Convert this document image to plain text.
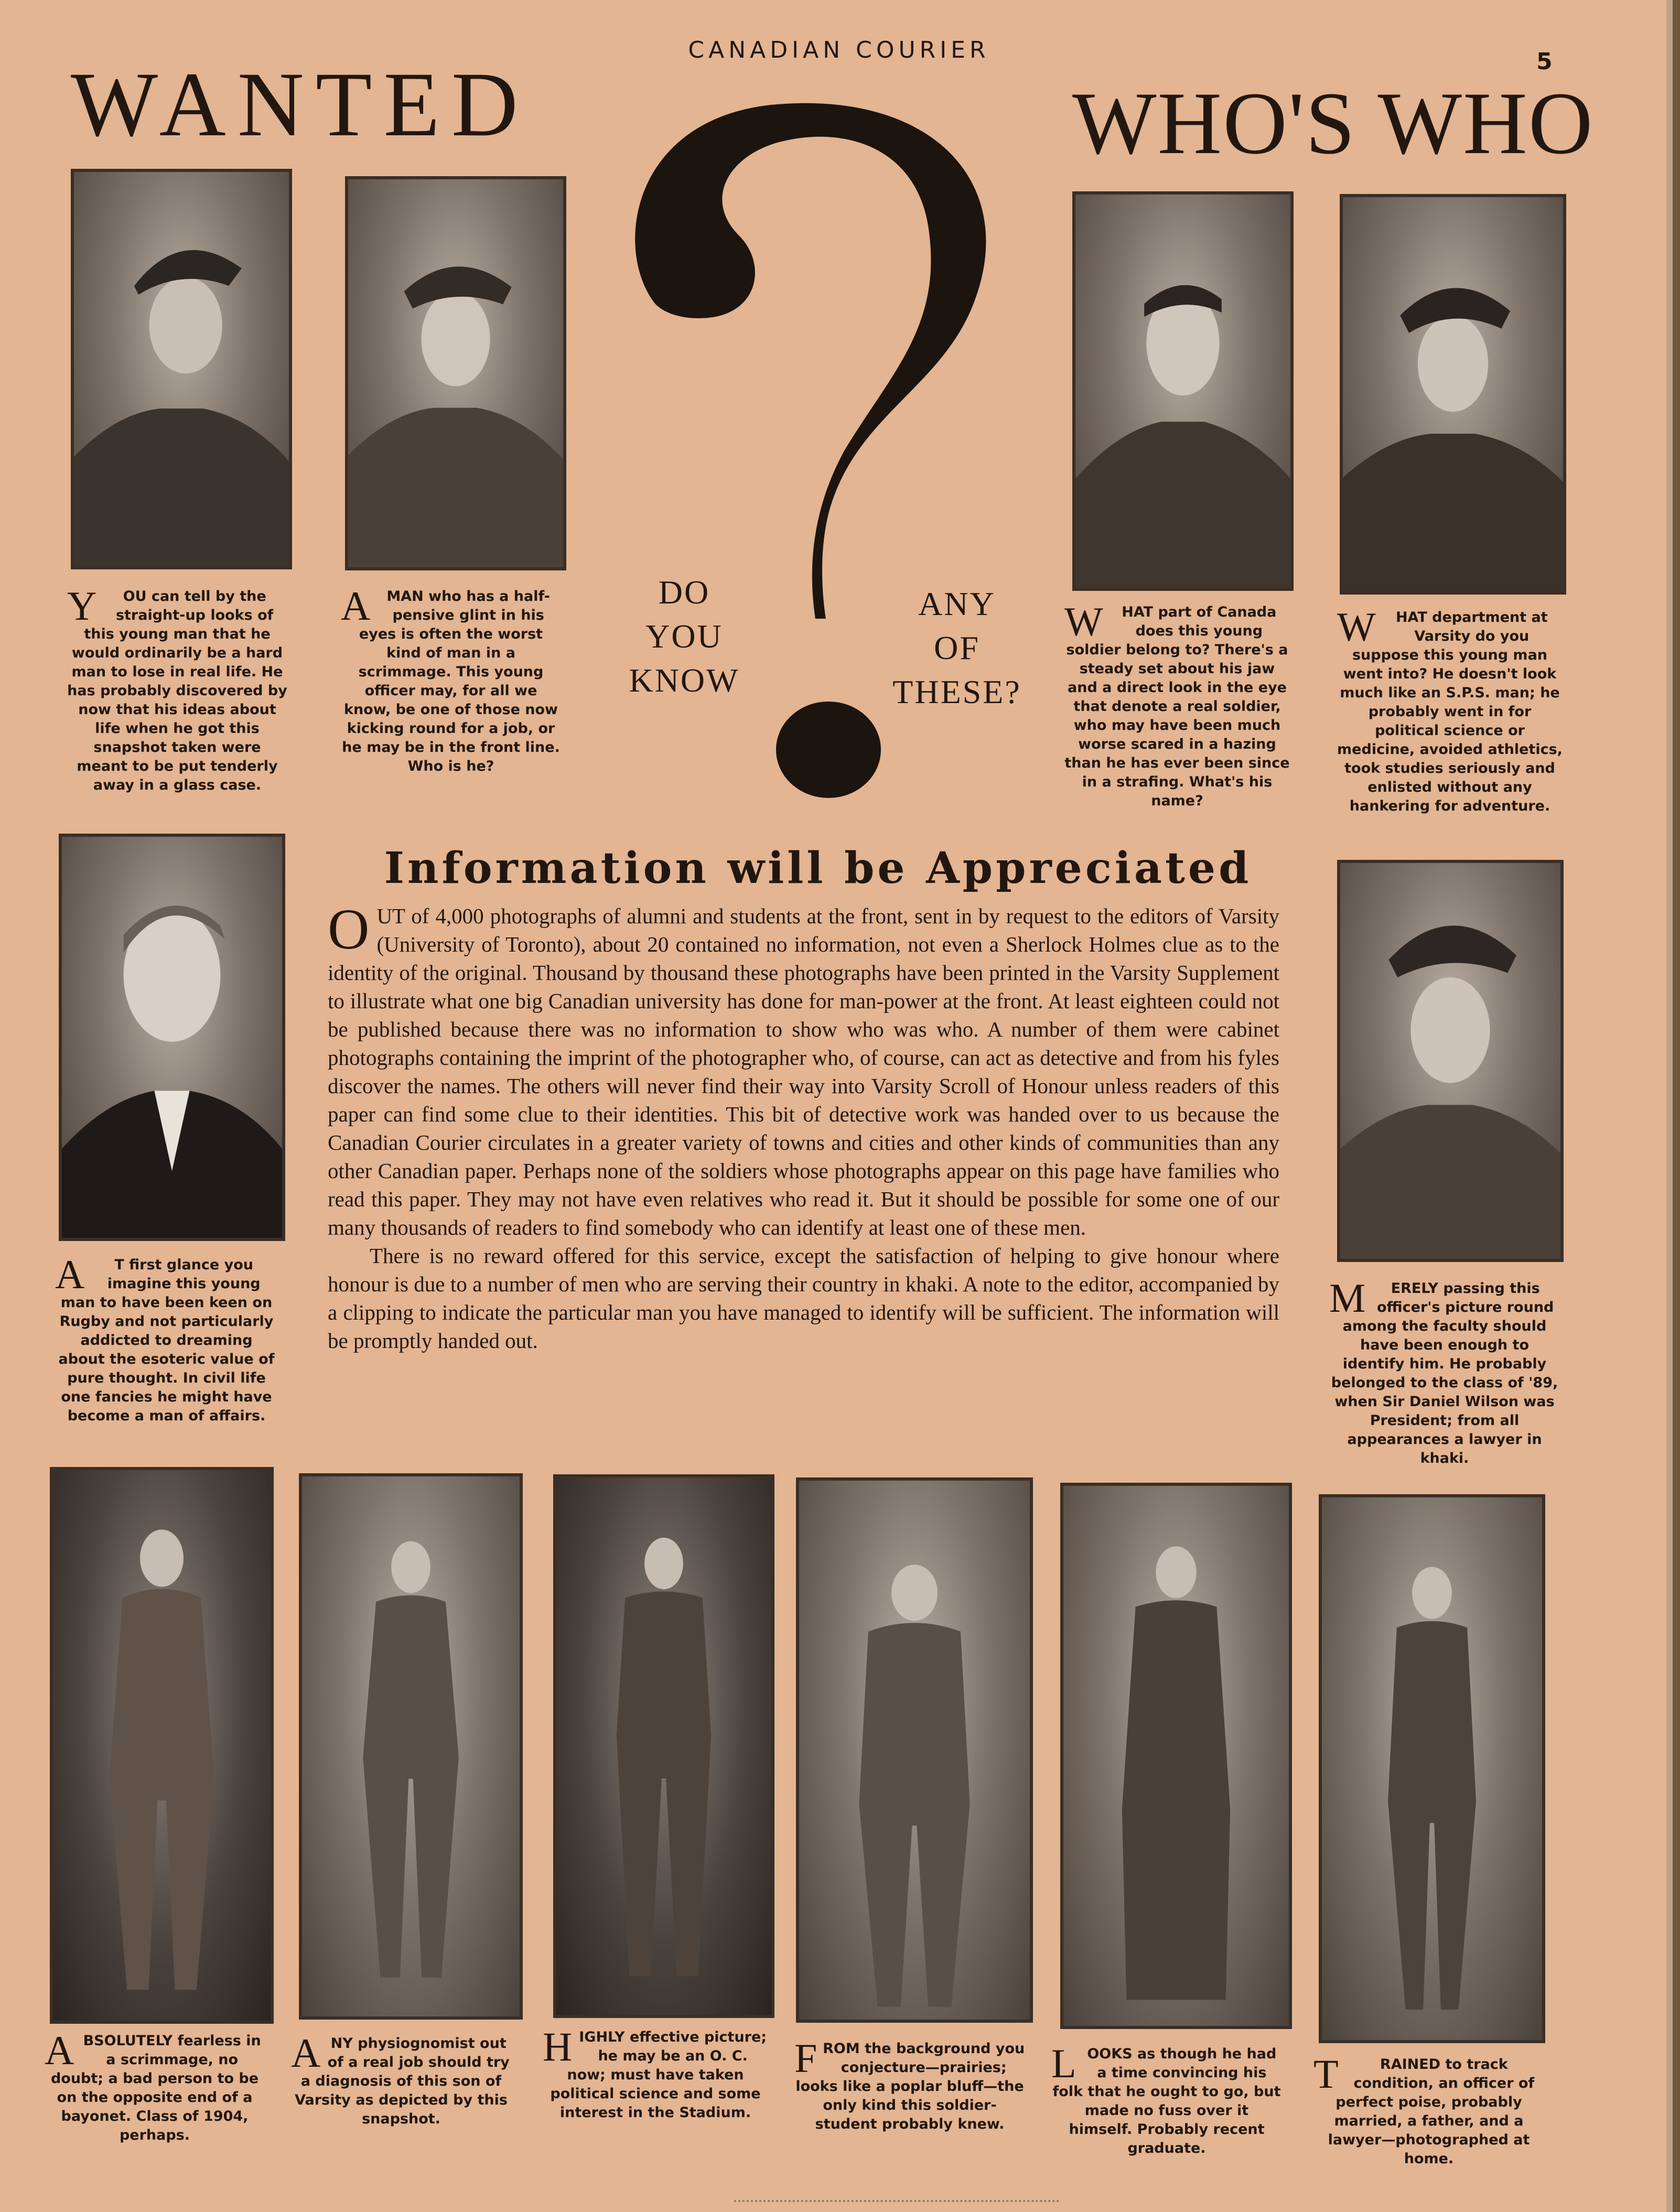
CANADIAN COURIER	5
WANTED	WHO'S WHO
DO
YOU
KNOW
ANY
OF
THESE?

Y OU can tell by the straight-up looks of this young man that he would ordinarily be a hard man to lose in real life. He has probably discovered by now that his ideas about life when he got this snapshot taken were meant to be put tenderly away in a glass case.

A MAN who has a half-pensive glint in his eyes is often the worst kind of man in a scrimmage. This young officer may, for all we know, be one of those now kicking round for a job, or he may be in the front line. Who is he?

W HAT part of Canada does this young soldier belong to? There's a steady set about his jaw and a direct look in the eye that denote a real soldier, who may have been much worse scared in a hazing than he has ever been since in a strafing. What's his name?

W HAT department at Varsity do you suppose this young man went into? He doesn't look much like an S.P.S. man; he probably went in for political science or medicine, avoided athletics, took studies seriously and enlisted without any hankering for adventure.

A T first glance you imagine this young man to have been keen on Rugby and not particularly addicted to dreaming about the esoteric value of pure thought. In civil life one fancies he might have become a man of affairs.

M ERELY passing this officer's picture round among the faculty should have been enough to identify him. He probably belonged to the class of '89, when Sir Daniel Wilson was President; from all appearances a lawyer in khaki.

Information will be Appreciated

OUT of 4,000 photographs of alumni and students at the front, sent in by request to the editors of Varsity (University of Toronto), about 20 contained no information, not even a Sherlock Holmes clue as to the identity of the original. Thousand by thousand these photographs have been printed in the Varsity Supplement to illustrate what one big Canadian university has done for man-power at the front. At least eighteen could not be published because there was no information to show who was who. A number of them were cabinet photographs containing the imprint of the photographer who, of course, can act as detective and from his fyles discover the names. The others will never find their way into Varsity Scroll of Honour unless readers of this paper can find some clue to their identities. This bit of detective work was handed over to us because the Canadian Courier circulates in a greater variety of towns and cities and other kinds of communities than any other Canadian paper. Perhaps none of the soldiers whose photographs appear on this page have families who read this paper. They may not have even relatives who read it. But it should be possible for some one of our many thousands of readers to find somebody who can identify at least one of these men.

There is no reward offered for this service, except the satisfaction of helping to give honour where honour is due to a number of men who are serving their country in khaki. A note to the editor, accompanied by a clipping to indicate the particular man you have managed to identify will be sufficient. The information will be promptly handed out.

ABSOLUTELY fearless in a scrimmage, no doubt; a bad person to be on the opposite end of a bayonet. Class of 1904, perhaps.

ANY physiognomist out of a real job should try a diagnosis of this son of Varsity as depicted by this snapshot.

HIGHLY effective picture; he may be an O. C. now; must have taken political science and some interest in the Stadium.

FROM the background you conjecture—prairies; looks like a poplar bluff—the only kind this soldier-student probably knew.

LOOKS as though he had a time convincing his folk that he ought to go, but made no fuss over it himself. Probably recent graduate.

T	RAINED to track condition, an officer of perfect poise, probably married, a father, and a lawyer—photographed at home.
